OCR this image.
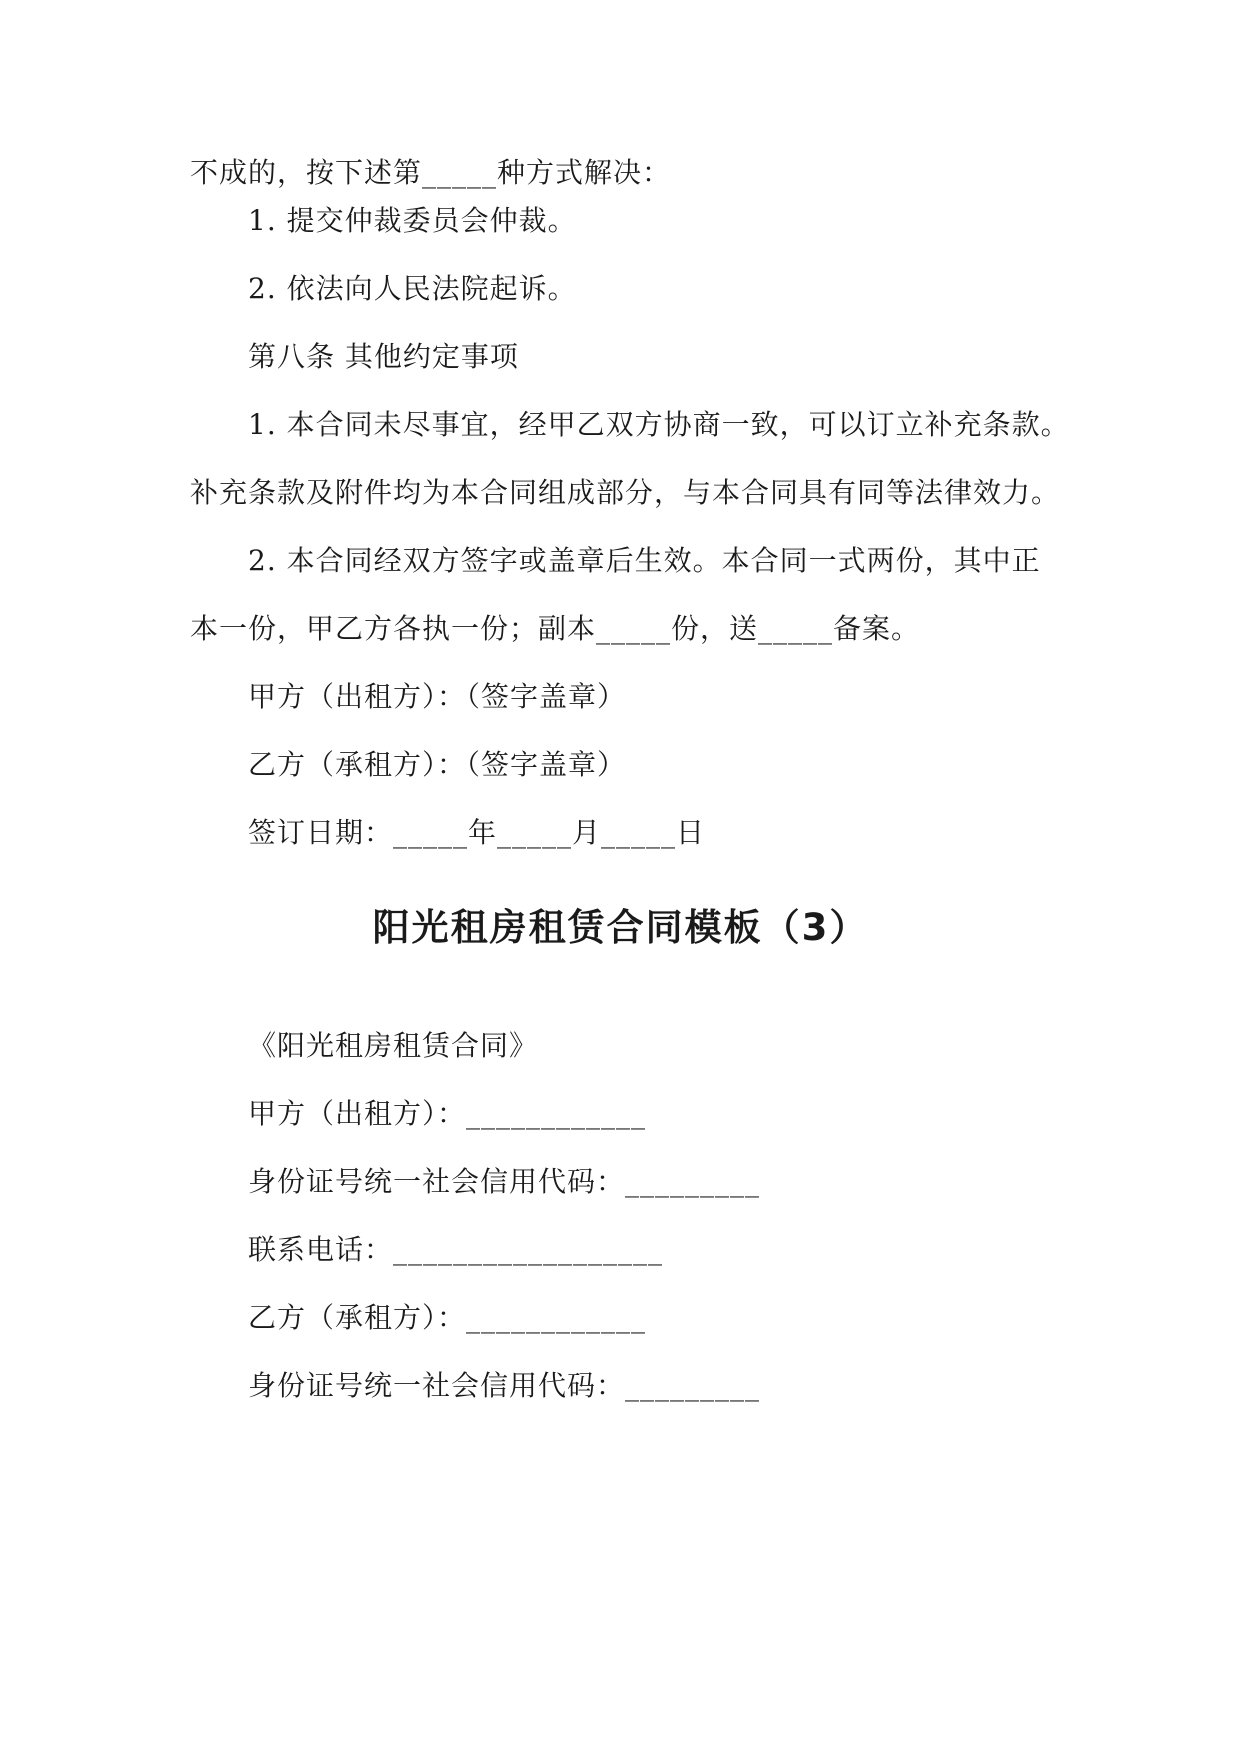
不成的，按下述第_____种方式解决：
1. 提交仲裁委员会仲裁。
2. 依法向人民法院起诉。
第八条 其他约定事项
1. 本合同未尽事宜，经甲乙双方协商一致，可以订立补充条款。
补充条款及附件均为本合同组成部分，与本合同具有同等法律效力。
2. 本合同经双方签字或盖章后生效。本合同一式两份，其中正
本一份，甲乙方各执一份；副本_____份，送_____备案。
甲方（出租方）：（签字盖章）
乙方（承租方）：（签字盖章）
签订日期：_____年_____月_____日
阳光租房租赁合同模板（3）
《阳光租房租赁合同》
甲方（出租方）：____________
身份证号统一社会信用代码：_________
联系电话：__________________
乙方（承租方）：____________
身份证号统一社会信用代码：_________
